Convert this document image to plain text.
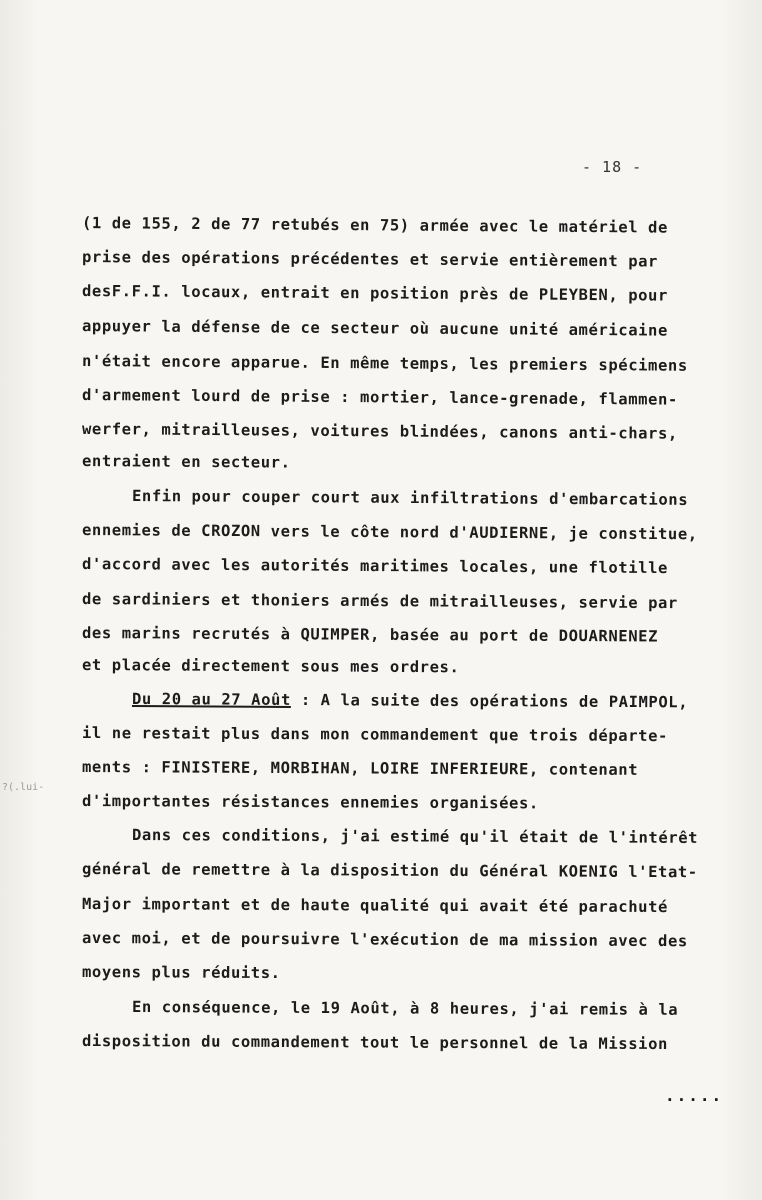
- 18 -
(1 de 155, 2 de 77 retubés en 75) armée avec le matériel de
prise des opérations précédentes et servie entièrement par
desF.F.I. locaux, entrait en position près de PLEYBEN, pour
appuyer la défense de ce secteur où aucune unité américaine
n'était encore apparue. En même temps, les premiers spécimens
d'armement lourd de prise : mortier, lance-grenade, flammen-
werfer, mitrailleuses, voitures blindées, canons anti-chars,
entraient en secteur.
Enfin pour couper court aux infiltrations d'embarcations
ennemies de CROZON vers le côte nord d'AUDIERNE, je constitue,
d'accord avec les autorités maritimes locales, une flotille
de sardiniers et thoniers armés de mitrailleuses, servie par
des marins recrutés à QUIMPER, basée au port de DOUARNENEZ
et placée directement sous mes ordres.
Du 20 au 27 Août : A la suite des opérations de PAIMPOL,
il ne restait plus dans mon commandement que trois départe-
ments : FINISTERE, MORBIHAN, LOIRE INFERIEURE, contenant
d'importantes résistances ennemies organisées.
Dans ces conditions, j'ai estimé qu'il était de l'intérêt
général de remettre à la disposition du Général KOENIG l'Etat-
Major important et de haute qualité qui avait été parachuté
avec moi, et de poursuivre l'exécution de ma mission avec des
moyens plus réduits.
En conséquence, le 19 Août, à 8 heures, j'ai remis à la
disposition du commandement tout le personnel de la Mission
.....
?(.lui-
